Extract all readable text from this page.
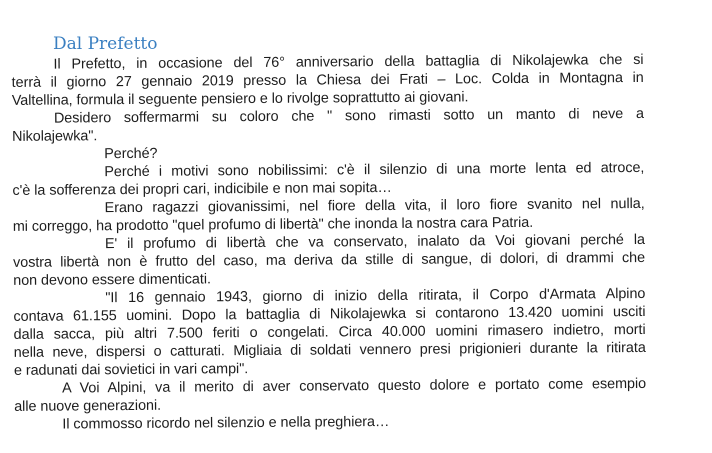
Dal Prefetto
Il Prefetto, in occasione del 76° anniversario della battaglia di Nikolajewka che si
terrà il giorno 27 gennaio 2019 presso la Chiesa dei Frati – Loc. Colda in Montagna in
Valtellina, formula il seguente pensiero e lo rivolge soprattutto ai giovani.
Desidero soffermarmi su coloro che " sono rimasti sotto un manto di neve a
Nikolajewka".
Perché?
Perché i motivi sono nobilissimi: c'è il silenzio di una morte lenta ed atroce,
c'è la sofferenza dei propri cari, indicibile e non mai sopita…
Erano ragazzi giovanissimi, nel fiore della vita, il loro fiore svanito nel nulla,
mi correggo, ha prodotto "quel profumo di libertà" che inonda la nostra cara Patria.
E' il profumo di libertà che va conservato, inalato da Voi giovani perché la
vostra libertà non è frutto del caso, ma deriva da stille di sangue, di dolori, di drammi che
non devono essere dimenticati.
"Il 16 gennaio 1943, giorno di inizio della ritirata, il Corpo d'Armata Alpino
contava 61.155 uomini. Dopo la battaglia di Nikolajewka si contarono 13.420 uomini usciti
dalla sacca, più altri 7.500 feriti o congelati. Circa 40.000 uomini rimasero indietro, morti
nella neve, dispersi o catturati. Migliaia di soldati vennero presi prigionieri durante la ritirata
e radunati dai sovietici in vari campi".
A Voi Alpini, va il merito di aver conservato questo dolore e portato come esempio
alle nuove generazioni.
Il commosso ricordo nel silenzio e nella preghiera…
